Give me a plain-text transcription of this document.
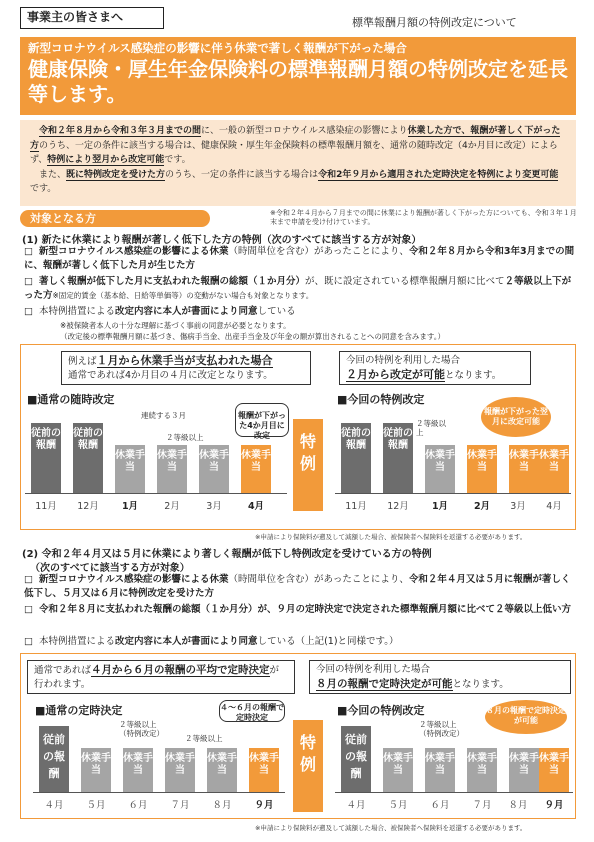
事業主の皆さまへ	標準報酬月額の特例改定について
新型コロナウイルス感染症の影響に伴う休業で著しく報酬が下がった場合
健康保険・厚生年金保険料の標準報酬月額の特例改定を延長等します。
　令和２年８月から令和３年３月までの間に、一般の新型コロナウイルス感染症の影響により休業した方で、報酬が著しく下がった方のうち、一定の条件に該当する場合は、健康保険・厚生年金保険料の標準報酬月額を、通常の随時改定（4か月目に改定）によらず、特例により翌月から改定可能です。
　また、既に特例改定を受けた方のうち、一定の条件に該当する場合は令和2年９月から適用された定時決定を特例により変更可能です。
対象となる方	※令和２年４月から７月までの間に休業により報酬が著しく下がった方についても、令和３年１月末まで申請を受け付けています。
(1) 新たに休業により報酬が著しく低下した方の特例（次のすべてに該当する方が対象）
□ 新型コロナウイルス感染症の影響による休業（時間単位を含む）があったことにより、令和２年８月から令和3年3月までの間に、報酬が著しく低下した月が生じた方
□ 著しく報酬が低下した月に支払われた報酬の総額（１か月分）が、既に設定されている標準報酬月額に比べて２等級以上下がった方※固定的賃金（基本給、日給等単価等）の変動がない場合も対象となります。
□ 本特例措置による改定内容に本人が書面により同意している
※被保険者本人の十分な理解に基づく事前の同意が必要となります。
（改定後の標準報酬月額に基づき、傷病手当金、出産手当金及び年金の額が算出されることへの同意を含みます。）
例えば１月から休業手当が支払われた場合
通常であれば4か月目の４月に改定となります。
今回の特例を利用した場合
２月から改定が可能となります。
■通常の随時改定	■今回の特例改定
連続する３月
２等級以上
報酬が下がった4か月目に改定
従前の報酬
従前の報酬
休業手当
休業手当
休業手当
休業手当
11月	12月	1月	2月	3月	4月
特例
２等級以上
報酬が下がった翌月に改定可能
従前の報酬
従前の報酬
休業手当
休業手当
休業手当
休業手当
11月	12月	1月	2月	3月	4月
※申請により保険料が遡及して減額した場合、被保険者へ保険料を返還する必要があります。
(2) 令和２年４月又は５月に休業により著しく報酬が低下し特例改定を受けている方の特例
（次のすべてに該当する方が対象）
□ 新型コロナウイルス感染症の影響による休業（時間単位を含む）があったことにより、令和２年４月又は５月に報酬が著しく低下し、５月又は６月に特例改定を受けた方
□ 令和２年８月に支払われた報酬の総額（１か月分）が、９月の定時決定で決定された標準報酬月額に比べて２等級以上低い方
□ 本特例措置による改定内容に本人が書面により同意している（上記(1)と同様です。）
通常であれば４月から６月の報酬の平均で定時決定が行われます。
今回の特例を利用した場合
８月の報酬で定時決定が可能となります。
■通常の定時決定	■今回の特例改定
２等級以上（特例改定）
２等級以上
４～６月の報酬で定時決定
従前の報酬
休業手当
休業手当
休業手当
休業手当
休業手当
４月	５月	６月	７月	８月	９月
特例
２等級以上（特例改定）
８月の報酬で定時決定が可能
従前の報酬
休業手当
休業手当
休業手当
休業手当
休業手当
４月	５月	６月	７月	８月	９月
※申請により保険料が遡及して減額した場合、被保険者へ保険料を返還する必要があります。
